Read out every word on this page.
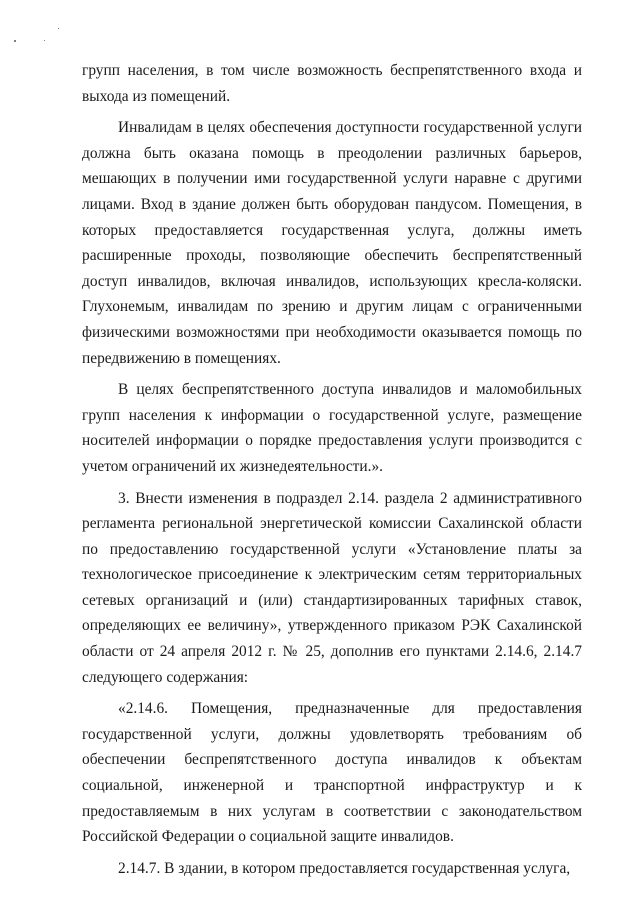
групп населения, в том числе возможность беспрепятственного входа и выхода из помещений.

Инвалидам в целях обеспечения доступности государственной услуги должна быть оказана помощь в преодолении различных барьеров, мешающих в получении ими государственной услуги наравне с другими лицами. Вход в здание должен быть оборудован пандусом. Помещения, в которых предоставляется государственная услуга, должны иметь расширенные проходы, позволяющие обеспечить беспрепятственный доступ инвалидов, включая инвалидов, использующих кресла-коляски. Глухонемым, инвалидам по зрению и другим лицам с ограниченными физическими возможностями при необходимости оказывается помощь по передвижению в помещениях.

В целях беспрепятственного доступа инвалидов и маломобильных групп населения к информации о государственной услуге, размещение носителей информации о порядке предоставления услуги производится с учетом ограничений их жизнедеятельности.».

3. Внести изменения в подраздел 2.14. раздела 2 административного регламента региональной энергетической комиссии Сахалинской области по предоставлению государственной услуги «Установление платы за технологическое присоединение к электрическим сетям территориальных сетевых организаций и (или) стандартизированных тарифных ставок, определяющих ее величину», утвержденного приказом РЭК Сахалинской области от 24 апреля 2012 г. № 25, дополнив его пунктами 2.14.6, 2.14.7 следующего содержания:

«2.14.6. Помещения, предназначенные для предоставления государственной услуги, должны удовлетворять требованиям об обеспечении беспрепятственного доступа инвалидов к объектам социальной, инженерной и транспортной инфраструктур и к предоставляемым в них услугам в соответствии с законодательством Российской Федерации о социальной защите инвалидов.

2.14.7. В здании, в котором предоставляется государственная услуга,
